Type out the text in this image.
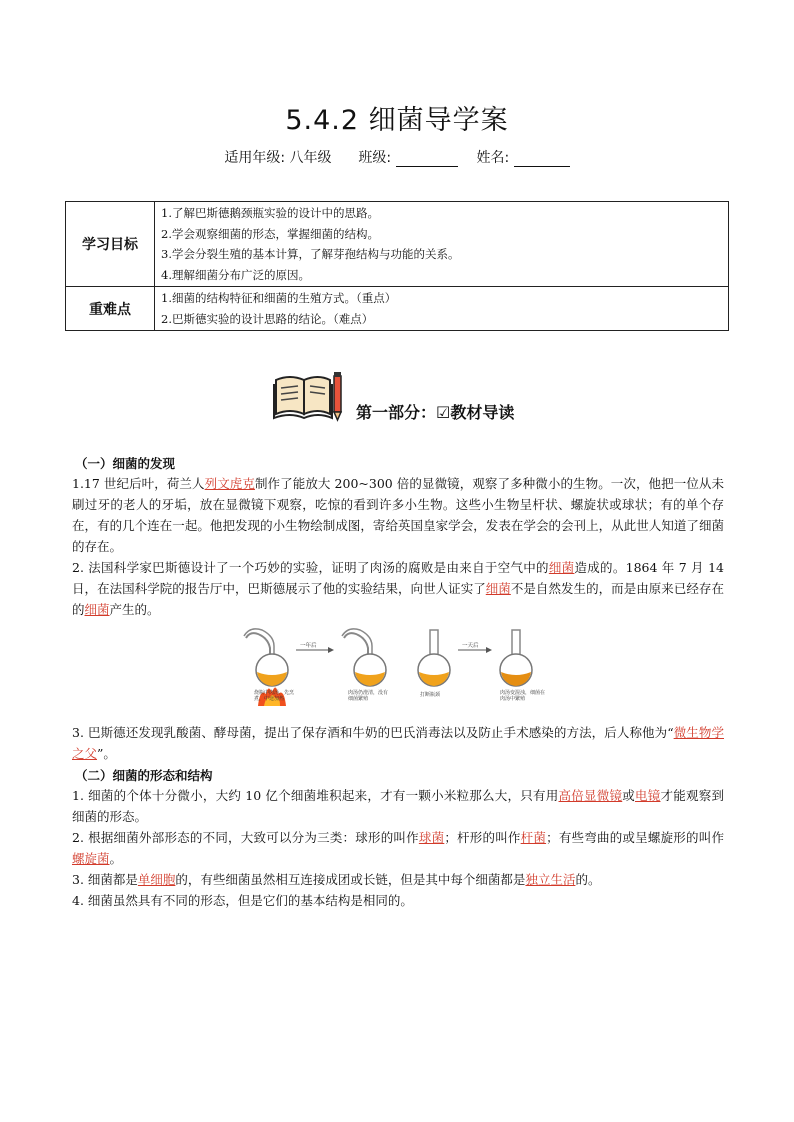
5.4.2 细菌导学案
适用年级: 八年级 班级:	姓名:
学习目标	1.了解巴斯德鹅颈瓶实验的设计中的思路。
2.学会观察细菌的形态，掌握细菌的结构。
3.学会分裂生殖的基本计算，了解芽孢结构与功能的关系。
4.理解细菌分布广泛的原因。

重难点	1.细菌的结构特征和细菌的生殖方式。（重点）
2.巴斯德实验的设计思路的结论。（难点）
第一部分：☑教材导读
（一）细菌的发现
1.17 世纪后叶，荷兰人列文虎克制作了能放大 200~300 倍的显微镜，观察了多种微小的生物。一次，他把一位从未刷过牙的老人的牙垢，放在显微镜下观察，吃惊的看到许多小生物。这些小生物呈杆状、螺旋状或球状；有的单个存在，有的几个连在一起。他把发现的小生物绘制成图，寄给英国皇家学会，发表在学会的会刊上，从此世人知道了细菌的存在。
2. 法国科学家巴斯德设计了一个巧妙的实验，证明了肉汤的腐败是由来自于空气中的细菌造成的。1864 年 7 月 14 日，在法国科学院的报告厅中，巴斯德展示了他的实验结果，向世人证实了细菌不是自然发生的，而是由原来已经存在的细菌产生的。
一年后	一天后
烧瓶中肉汤，先烹煮，中途加热
肉汤仍澄清，没有细菌繁殖
打断瓶颈	肉汤变混浊，细菌在肉汤中繁殖
3. 巴斯德还发现乳酸菌、酵母菌，提出了保存酒和牛奶的巴氏消毒法以及防止手术感染的方法，后人称他为“微生物学之父”。
（二）细菌的形态和结构
1. 细菌的个体十分微小，大约 10 亿个细菌堆积起来，才有一颗小米粒那么大，只有用高倍显微镜或电镜才能观察到细菌的形态。
2. 根据细菌外部形态的不同，大致可以分为三类：球形的叫作球菌；杆形的叫作杆菌；有些弯曲的或呈螺旋形的叫作螺旋菌。
3. 细菌都是单细胞的，有些细菌虽然相互连接成团或长链，但是其中每个细菌都是独立生活的。
4. 细菌虽然具有不同的形态，但是它们的基本结构是相同的。
